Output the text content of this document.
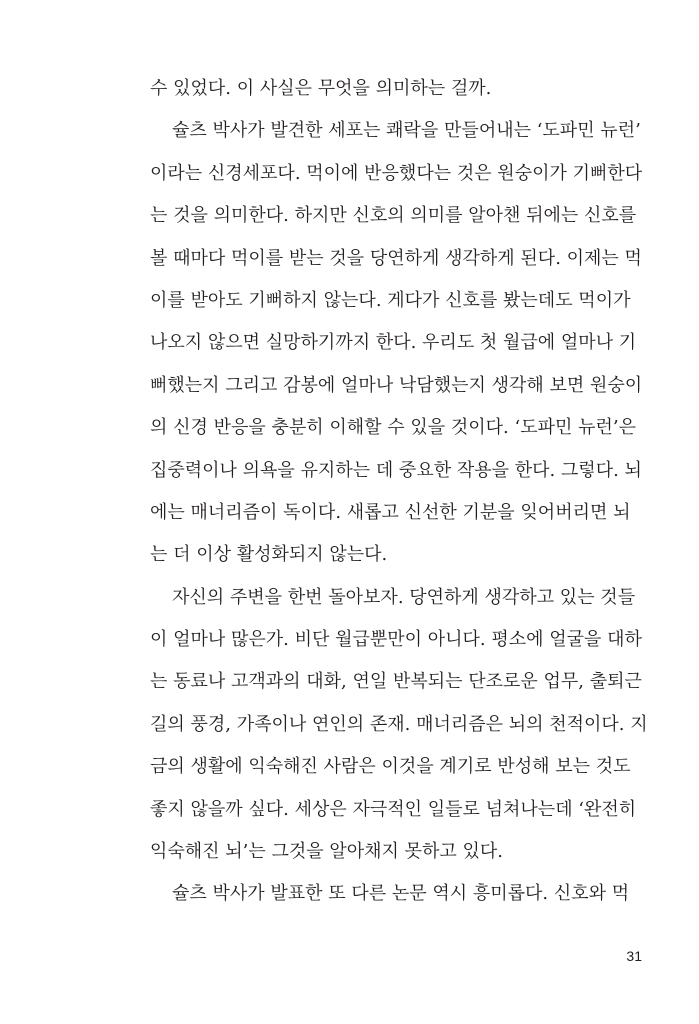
수 있었다. 이 사실은 무엇을 의미하는 걸까.
슐츠 박사가 발견한 세포는 쾌락을 만들어내는 ‘도파민 뉴런’
이라는 신경세포다. 먹이에 반응했다는 것은 원숭이가 기뻐한다
는 것을 의미한다. 하지만 신호의 의미를 알아챈 뒤에는 신호를
볼 때마다 먹이를 받는 것을 당연하게 생각하게 된다. 이제는 먹
이를 받아도 기뻐하지 않는다. 게다가 신호를 봤는데도 먹이가
나오지 않으면 실망하기까지 한다. 우리도 첫 월급에 얼마나 기
뻐했는지 그리고 감봉에 얼마나 낙담했는지 생각해 보면 원숭이
의 신경 반응을 충분히 이해할 수 있을 것이다. ‘도파민 뉴런’은
집중력이나 의욕을 유지하는 데 중요한 작용을 한다. 그렇다. 뇌
에는 매너리즘이 독이다. 새롭고 신선한 기분을 잊어버리면 뇌
는 더 이상 활성화되지 않는다.
자신의 주변을 한번 돌아보자. 당연하게 생각하고 있는 것들
이 얼마나 많은가. 비단 월급뿐만이 아니다. 평소에 얼굴을 대하
는 동료나 고객과의 대화, 연일 반복되는 단조로운 업무, 출퇴근
길의 풍경, 가족이나 연인의 존재. 매너리즘은 뇌의 천적이다. 지
금의 생활에 익숙해진 사람은 이것을 계기로 반성해 보는 것도
좋지 않을까 싶다. 세상은 자극적인 일들로 넘쳐나는데 ‘완전히
익숙해진 뇌’는 그것을 알아채지 못하고 있다.
슐츠 박사가 발표한 또 다른 논문 역시 흥미롭다. 신호와 먹
31
